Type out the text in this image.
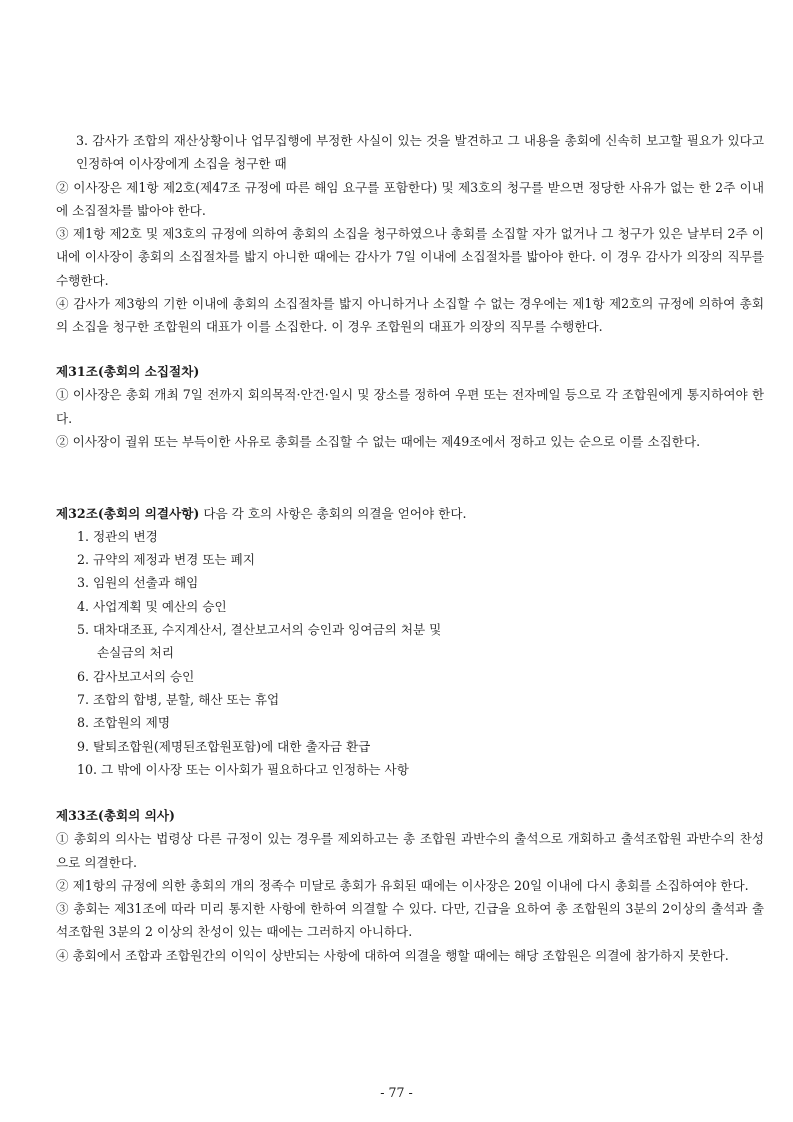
3. 감사가 조합의 재산상황이나 업무집행에 부정한 사실이 있는 것을 발견하고 그 내용을 총회에 신속히 보고할 필요가 있다고 인정하여 이사장에게 소집을 청구한 때

② 이사장은 제1항 제2호(제47조 규정에 따른 해임 요구를 포함한다) 및 제3호의 청구를 받으면 정당한 사유가 없는 한 2주 이내에 소집절차를 밟아야 한다.

③ 제1항 제2호 및 제3호의 규정에 의하여 총회의 소집을 청구하였으나 총회를 소집할 자가 없거나 그 청구가 있은 날부터 2주 이내에 이사장이 총회의 소집절차를 밟지 아니한 때에는 감사가 7일 이내에 소집절차를 밟아야 한다. 이 경우 감사가 의장의 직무를 수행한다.

④ 감사가 제3항의 기한 이내에 총회의 소집절차를 밟지 아니하거나 소집할 수 없는 경우에는 제1항 제2호의 규정에 의하여 총회의 소집을 청구한 조합원의 대표가 이를 소집한다. 이 경우 조합원의 대표가 의장의 직무를 수행한다.

제31조(총회의 소집절차)

① 이사장은 총회 개최 7일 전까지 회의목적·안건·일시 및 장소를 정하여 우편 또는 전자메일 등으로 각 조합원에게 통지하여야 한다.

② 이사장이 궐위 또는 부득이한 사유로 총회를 소집할 수 없는 때에는 제49조에서 정하고 있는 순으로 이를 소집한다.

제32조(총회의 의결사항) 다음 각 호의 사항은 총회의 의결을 얻어야 한다.

1. 정관의 변경
2. 규약의 제정과 변경 또는 폐지
3. 임원의 선출과 해임
4. 사업계획 및 예산의 승인
5. 대차대조표, 수지계산서, 결산보고서의 승인과 잉여금의 처분 및
손실금의 처리
6. 감사보고서의 승인
7. 조합의 합병, 분할, 해산 또는 휴업
8. 조합원의 제명
9. 탈퇴조합원(제명된조합원포함)에 대한 출자금 환급
10. 그 밖에 이사장 또는 이사회가 필요하다고 인정하는 사항

제33조(총회의 의사)

① 총회의 의사는 법령상 다른 규정이 있는 경우를 제외하고는 총 조합원 과반수의 출석으로 개회하고 출석조합원 과반수의 찬성으로 의결한다.

② 제1항의 규정에 의한 총회의 개의 정족수 미달로 총회가 유회된 때에는 이사장은 20일 이내에 다시 총회를 소집하여야 한다.

③ 총회는 제31조에 따라 미리 통지한 사항에 한하여 의결할 수 있다. 다만, 긴급을 요하여 총 조합원의 3분의 2이상의 출석과 출석조합원 3분의 2 이상의 찬성이 있는 때에는 그러하지 아니하다.

④ 총회에서 조합과 조합원간의 이익이 상반되는 사항에 대하여 의결을 행할 때에는 해당 조합원은 의결에 참가하지 못한다.

- 77 -
